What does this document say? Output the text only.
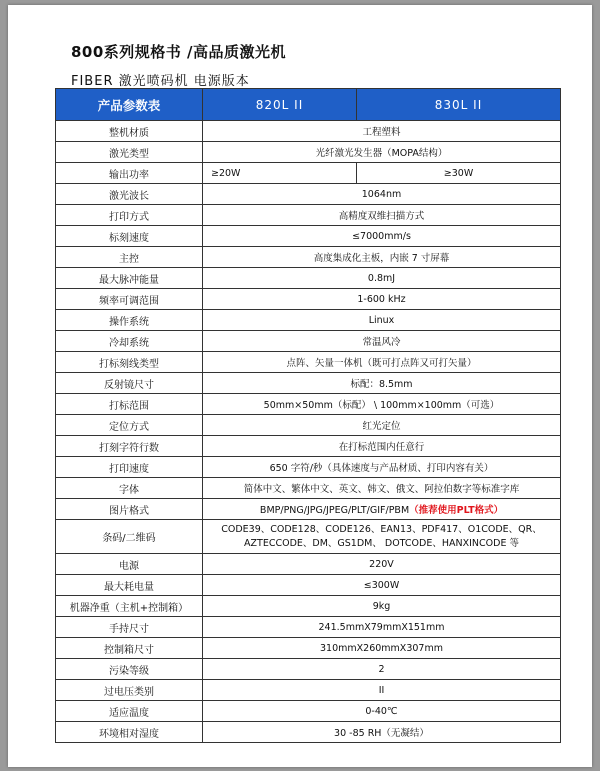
800系列规格书 /高品质激光机
FIBER 激光喷码机 电源版本
产品参数表	820L II	830L II
整机材质	工程塑料	
激光类型	光纤激光发生器（MOPA结构）	
输出功率	≥20W	≥30W
激光波长	1064nm	
打印方式	高精度双维扫描方式	
标刻速度	≤7000mm/s	
主控	高度集成化主板，内嵌 7 寸屏幕	
最大脉冲能量	0.8mJ	
频率可调范围	1-600 kHz	
操作系统	Linux	
冷却系统	常温风冷	
打标刻线类型	点阵、矢量一体机（既可打点阵又可打矢量）	
反射镜尺寸	标配：8.5mm	
打标范围	50mm×50mm（标配） \ 100mm×100mm（可选）	
定位方式	红光定位	
打刻字符行数	在打标范围内任意行	
打印速度	650 字符/秒（具体速度与产品材质、打印内容有关）	
字体	简体中文、繁体中文、英文、韩文、俄文、阿拉伯数字等标准字库	
图片格式	BMP/PNG/JPG/JPEG/PLT/GIF/PBM（推荐使用PLT格式）	
条码/二维码	CODE39、CODE128、CODE126、EAN13、PDF417、O1CODE、QR、AZTECCODE、DM、GS1DM、 DOTCODE、HANXINCODE 等	
电源	220V	
最大耗电量	≤300W	
机器净重（主机+控制箱）	9kg	
手持尺寸	241.5mmX79mmX151mm	
控制箱尺寸	310mmX260mmX307mm	
污染等级	2	
过电压类别	II	
适应温度	0-40℃	
环境相对湿度	30 -85 RH（无凝结）	
